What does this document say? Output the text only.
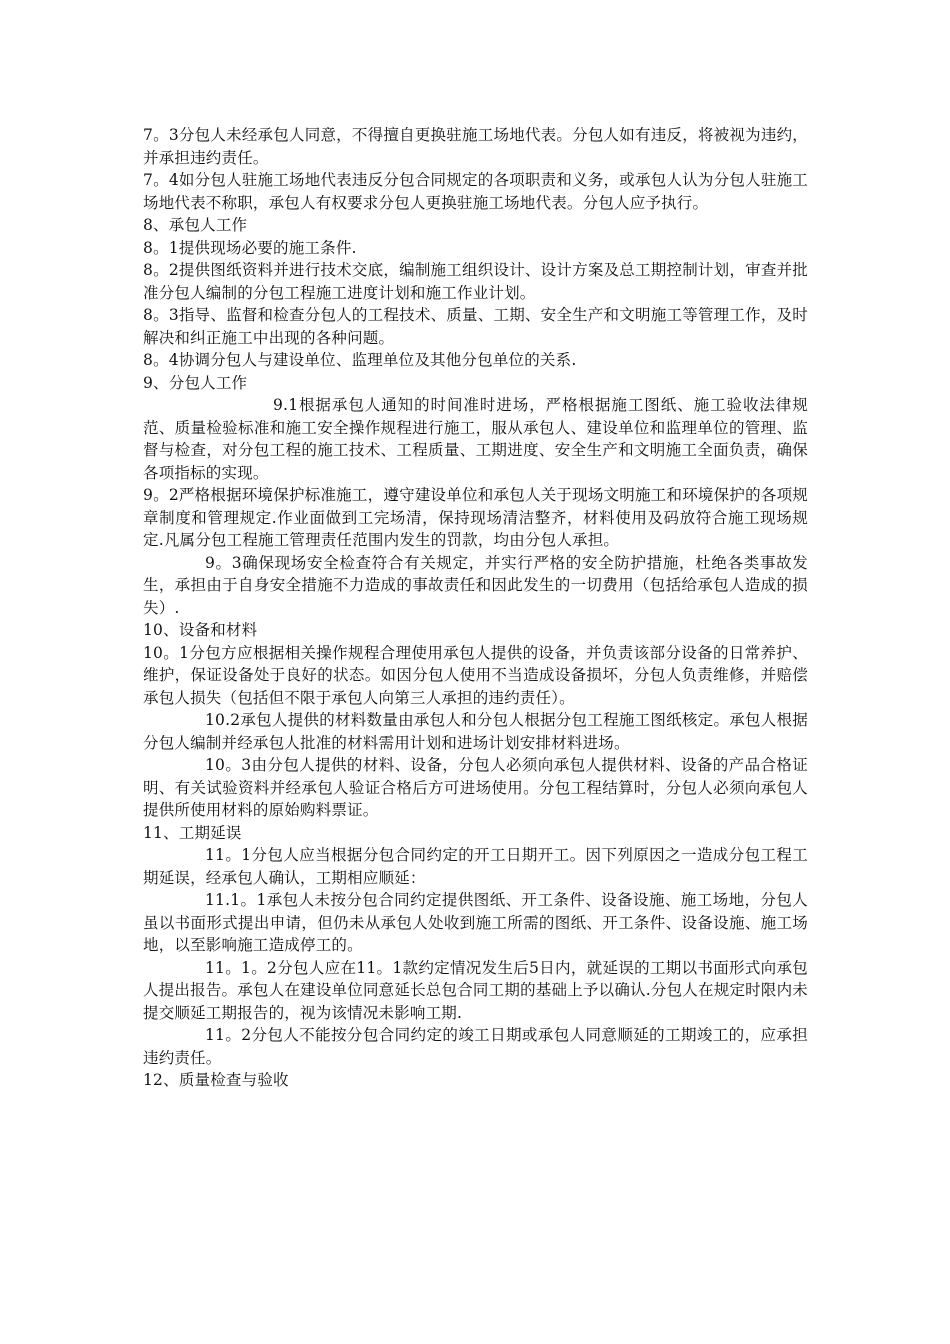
7。3分包人未经承包人同意，不得擅自更换驻施工场地代表。分包人如有违反，将被视为违约，并承担违约责任。

7。4如分包人驻施工场地代表违反分包合同规定的各项职责和义务，或承包人认为分包人驻施工场地代表不称职，承包人有权要求分包人更换驻施工场地代表。分包人应予执行。

8、承包人工作

8。1提供现场必要的施工条件.

8。2提供图纸资料并进行技术交底，编制施工组织设计、设计方案及总工期控制计划，审查并批准分包人编制的分包工程施工进度计划和施工作业计划。

8。3指导、监督和检查分包人的工程技术、质量、工期、安全生产和文明施工等管理工作，及时解决和纠正施工中出现的各种问题。

8。4协调分包人与建设单位、监理单位及其他分包单位的关系.

9、分包人工作

9.1根据承包人通知的时间准时进场，严格根据施工图纸、施工验收法律规范、质量检验标准和施工安全操作规程进行施工，服从承包人、建设单位和监理单位的管理、监督与检查，对分包工程的施工技术、工程质量、工期进度、安全生产和文明施工全面负责，确保各项指标的实现。

9。2严格根据环境保护标准施工，遵守建设单位和承包人关于现场文明施工和环境保护的各项规章制度和管理规定.作业面做到工完场清，保持现场清洁整齐，材料使用及码放符合施工现场规定.凡属分包工程施工管理责任范围内发生的罚款，均由分包人承担。

9。3确保现场安全检查符合有关规定，并实行严格的安全防护措施，杜绝各类事故发生，承担由于自身安全措施不力造成的事故责任和因此发生的一切费用（包括给承包人造成的损失）.

10、设备和材料

10。1分包方应根据相关操作规程合理使用承包人提供的设备，并负责该部分设备的日常养护、维护，保证设备处于良好的状态。如因分包人使用不当造成设备损坏，分包人负责维修，并赔偿承包人损失（包括但不限于承包人向第三人承担的违约责任）。

10.2承包人提供的材料数量由承包人和分包人根据分包工程施工图纸核定。承包人根据分包人编制并经承包人批准的材料需用计划和进场计划安排材料进场。

10。3由分包人提供的材料、设备，分包人必须向承包人提供材料、设备的产品合格证明、有关试验资料并经承包人验证合格后方可进场使用。分包工程结算时，分包人必须向承包人提供所使用材料的原始购料票证。

11、工期延误

11。1分包人应当根据分包合同约定的开工日期开工。因下列原因之一造成分包工程工期延误，经承包人确认，工期相应顺延：

11.1。1承包人未按分包合同约定提供图纸、开工条件、设备设施、施工场地，分包人虽以书面形式提出申请，但仍未从承包人处收到施工所需的图纸、开工条件、设备设施、施工场地，以至影响施工造成停工的。

11。1。2分包人应在11。1款约定情况发生后5日内，就延误的工期以书面形式向承包人提出报告。承包人在建设单位同意延长总包合同工期的基础上予以确认.分包人在规定时限内未提交顺延工期报告的，视为该情况未影响工期.

11。2分包人不能按分包合同约定的竣工日期或承包人同意顺延的工期竣工的，应承担违约责任。

12、质量检查与验收
